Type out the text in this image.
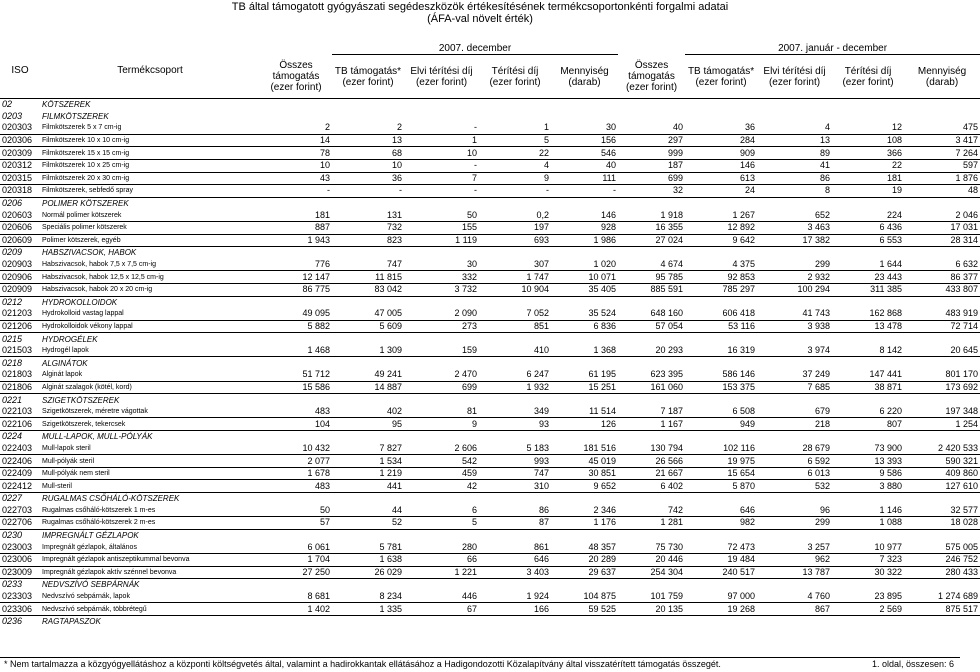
TB által támogatott gyógyászati segédeszközök értékesítésének termékcsoportonkénti forgalmi adatai
(ÁFA-val növelt érték)
ISO	Termékcsoport		2007. december					2007. január - december			
		Összes támogatás (ezer forint)	TB támogatás* (ezer forint)	Elvi térítési díj (ezer forint)	Térítési díj (ezer forint)	Mennyiség (darab)	Összes támogatás (ezer forint)	TB támogatás* (ezer forint)	Elvi térítési díj (ezer forint)	Térítési díj (ezer forint)	Mennyiség (darab)
02	KÖTSZEREK										
0203	FILMKÖTSZEREK										
020303	Filmkötszerek 5 x 7 cm-ig	2	2	-	1	30	40	36	4	12	475
020306	Filmkötszerek 10 x 10 cm-ig	14	13	1	5	156	297	284	13	108	3 417
020309	Filmkötszerek 15 x 15 cm-ig	78	68	10	22	546	999	909	89	366	7 264
020312	Filmkötszerek 10 x 25 cm-ig	10	10	-	4	40	187	146	41	22	597
020315	Filmkötszerek 20 x 30 cm-ig	43	36	7	9	111	699	613	86	181	1 876
020318	Filmkötszerek, sebfedő spray	-	-	-	-	-	32	24	8	19	48
0206	POLIMER KÖTSZEREK										
020603	Normál polimer kötszerek	181	131	50	0,2	146	1 918	1 267	652	224	2 046
020606	Speciális polimer kötszerek	887	732	155	197	928	16 355	12 892	3 463	6 436	17 031
020609	Polimer kötszerek, egyéb	1 943	823	1 119	693	1 986	27 024	9 642	17 382	6 553	28 314
0209	HABSZIVACSOK, HABOK										
020903	Habszivacsok, habok 7,5 x 7,5 cm-ig	776	747	30	307	1 020	4 674	4 375	299	1 644	6 632
020906	Habszivacsok, habok 12,5 x 12,5 cm-ig	12 147	11 815	332	1 747	10 071	95 785	92 853	2 932	23 443	86 377
020909	Habszivacsok, habok 20 x 20 cm-ig	86 775	83 042	3 732	10 904	35 405	885 591	785 297	100 294	311 385	433 807
0212	HYDROKOLLOIDOK										
021203	Hydrokolloid vastag lappal	49 095	47 005	2 090	7 052	35 524	648 160	606 418	41 743	162 868	483 919
021206	Hydrokolloidok vékony lappal	5 882	5 609	273	851	6 836	57 054	53 116	3 938	13 478	72 714
0215	HYDROGÉLEK										
021503	Hydrogél lapok	1 468	1 309	159	410	1 368	20 293	16 319	3 974	8 142	20 645
0218	ALGINÁTOK										
021803	Alginát lapok	51 712	49 241	2 470	6 247	61 195	623 395	586 146	37 249	147 441	801 170
021806	Alginát szalagok (kötél, kord)	15 586	14 887	699	1 932	15 251	161 060	153 375	7 685	38 871	173 692
0221	SZIGETKÖTSZEREK										
022103	Szigetkötszerek, méretre vágottak	483	402	81	349	11 514	7 187	6 508	679	6 220	197 348
022106	Szigetkötszerek, tekercsek	104	95	9	93	126	1 167	949	218	807	1 254
0224	MULL-LAPOK, MULL-PÓLYÁK										
022403	Mull-lapok steril	10 432	7 827	2 606	5 183	181 516	130 794	102 116	28 679	73 900	2 420 533
022406	Mull-pólyák steril	2 077	1 534	542	993	45 019	26 566	19 975	6 592	13 393	590 321
022409	Mull-pólyák nem steril	1 678	1 219	459	747	30 851	21 667	15 654	6 013	9 586	409 860
022412	Mull-steril	483	441	42	310	9 652	6 402	5 870	532	3 880	127 610
0227	RUGALMAS CSŐHÁLÓ-KÖTSZEREK										
022703	Rugalmas csőháló-kötszerek 1 m-es	50	44	6	86	2 346	742	646	96	1 146	32 577
022706	Rugalmas csőháló-kötszerek 2 m-es	57	52	5	87	1 176	1 281	982	299	1 088	18 028
0230	IMPREGNÁLT GÉZLAPOK										
023003	Impregnált gézlapok, általános	6 061	5 781	280	861	48 357	75 730	72 473	3 257	10 977	575 005
023006	Impregnált gézlapok antiszeptikummal bevonva	1 704	1 638	66	646	20 289	20 446	19 484	962	7 323	246 752
023009	Impregnált gézlapok aktív szénnel bevonva	27 250	26 029	1 221	3 403	29 637	254 304	240 517	13 787	30 322	280 433
0233	NEDVSZÍVÓ SEBPÁRNÁK										
023303	Nedvszívó sebpárnák, lapok	8 681	8 234	446	1 924	104 875	101 759	97 000	4 760	23 895	1 274 689
023306	Nedvszívó sebpárnák, többrétegű	1 402	1 335	67	166	59 525	20 135	19 268	867	2 569	875 517
0236	RAGTAPASZOK										
* Nem tartalmazza a közgyógyellátáshoz a központi költségvetés által, valamint a hadirokkantak ellátásához a Hadigondozotti Közalapítvány által visszatérített támogatás összegét.	1. oldal, összesen: 6
